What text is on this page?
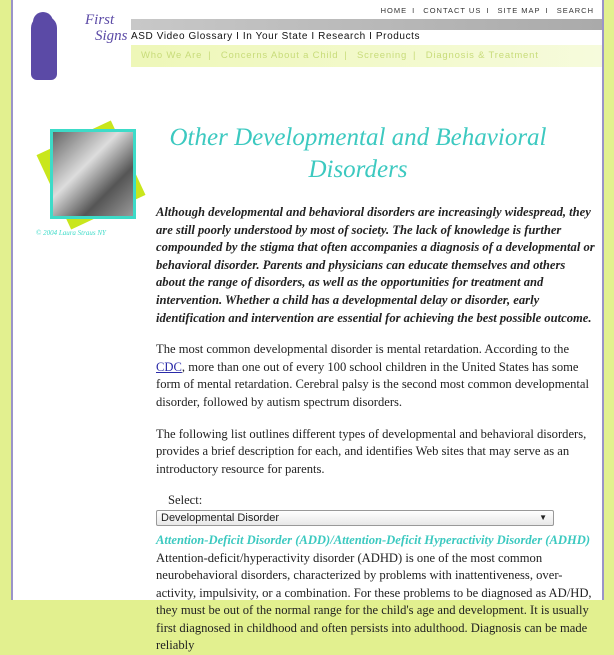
First
Signs
HOME I CONTACT US I SITE MAP I SEARCH
ASD Video Glossary I In Your State I Research I Products
Who We Are | Concerns About a Child | Screening | Diagnosis & Treatment
© 2004 Laura Straus NY
Other Developmental and Behavioral Disorders

Although developmental and behavioral disorders are increasingly widespread, they are still poorly understood by most of society. The lack of knowledge is further compounded by the stigma that often accompanies a diagnosis of a developmental or behavioral disorder. Parents and physicians can educate themselves and others about the range of disorders, as well as the opportunities for treatment and intervention. Whether a child has a developmental delay or disorder, early identification and intervention are essential for achieving the best possible outcome.

The most common developmental disorder is mental retardation. According to the CDC, more than one out of every 100 school children in the United States has some form of mental retardation. Cerebral palsy is the second most common developmental disorder, followed by autism spectrum disorders.

The following list outlines different types of developmental and behavioral disorders, provides a brief description for each, and identifies Web sites that may serve as an introductory resource for parents.

Select:
Developmental Disorder	▼
Attention-Deficit Disorder (ADD)/Attention-Deficit Hyperactivity Disorder (ADHD)
Attention-deficit/hyperactivity disorder (ADHD) is one of the most common neurobehavioral disorders, characterized by problems with inattentiveness, over-activity, impulsivity, or a combination. For these problems to be diagnosed as AD/HD, they must be out of the normal range for the child's age and development. It is usually first diagnosed in childhood and often persists into adulthood. Diagnosis can be made reliably
